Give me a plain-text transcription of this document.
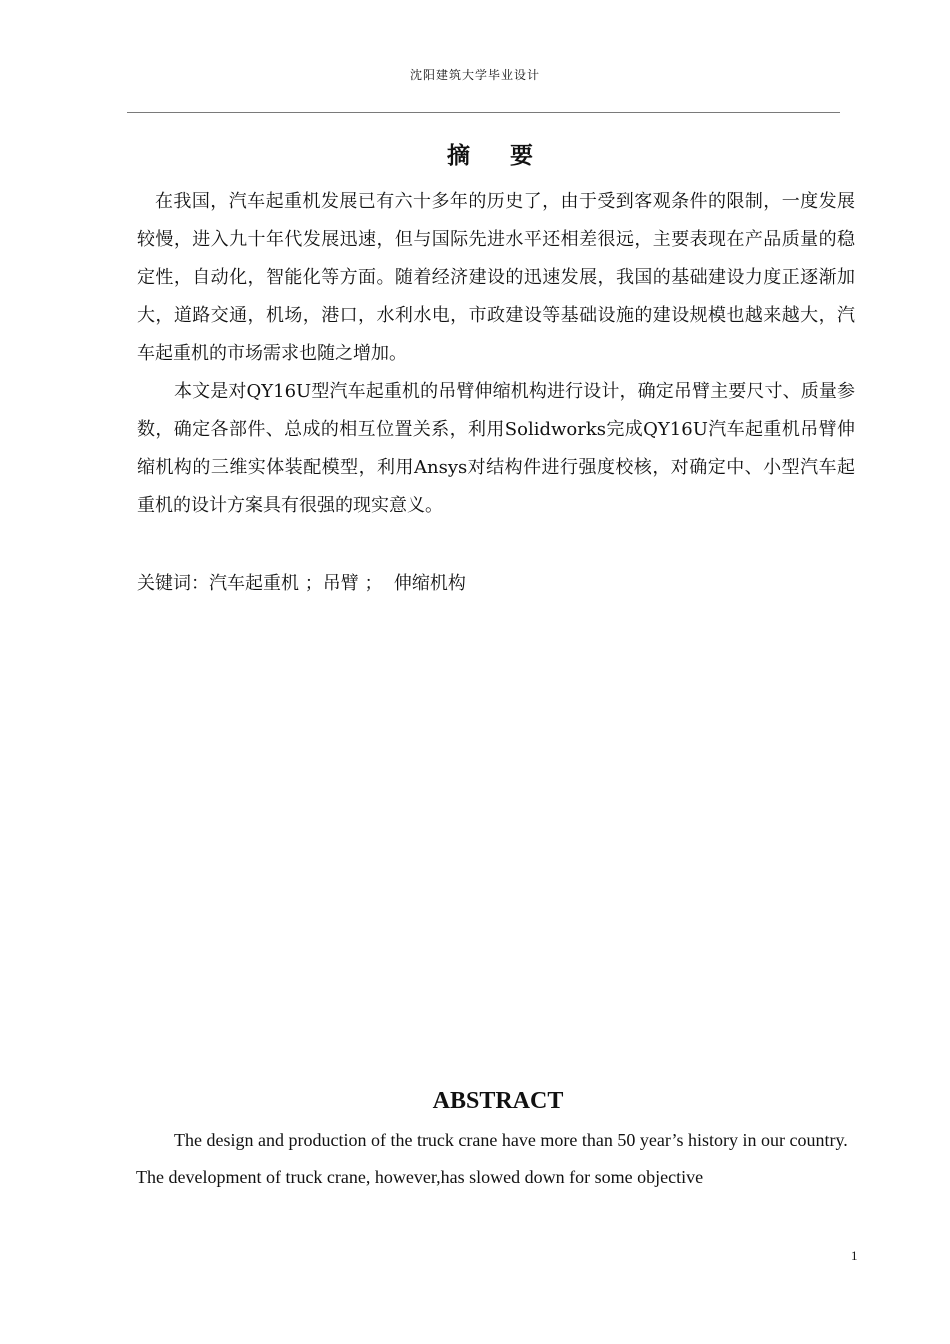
沈阳建筑大学毕业设计
摘 要

在我国，汽车起重机发展已有六十多年的历史了，由于受到客观条件的限制，一度发展较慢，进入九十年代发展迅速，但与国际先进水平还相差很远，主要表现在产品质量的稳定性，自动化，智能化等方面。随着经济建设的迅速发展，我国的基础建设力度正逐渐加大，道路交通，机场，港口，水利水电，市政建设等基础设施的建设规模也越来越大，汽车起重机的市场需求也随之增加。

本文是对QY16U型汽车起重机的吊臂伸缩机构进行设计，确定吊臂主要尺寸、质量参数，确定各部件、总成的相互位置关系，利用Solidworks完成QY16U汽车起重机吊臂伸缩机构的三维实体装配模型，利用Ansys对结构件进行强度校核，对确定中、小型汽车起重机的设计方案具有很强的现实意义。

关键词：汽车起重机 ；吊臂 ；  伸缩机构
ABSTRACT

The design and production of the truck crane have more than 50 year’s history in our country. The development of truck crane, however,has slowed down for some objective

1
